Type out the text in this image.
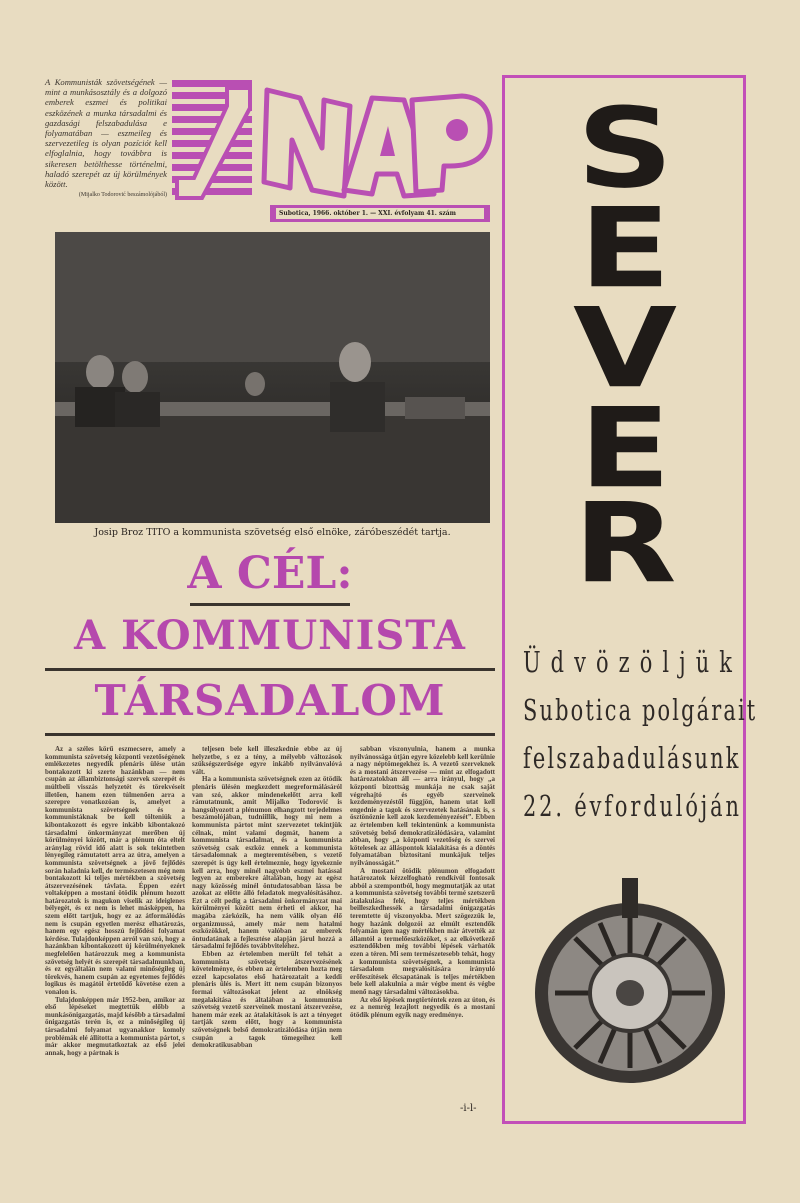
A Kommunisták szövetségének — mint a munkásosztály és a dolgozó emberek eszmei és politikai eszközének a munka társadalmi és gazdasági felszabadulása e folyamatában — eszmeileg és szervezetileg is olyan pozíciót kell elfoglalnia, hogy továbbra is sikeresen betölthesse történelmi, haladó szerepét az új körülmények között.
(Mijalko Todorović beszámolójából)
Subotica, 1966. október 1. — XXI. évfolyam 41. szám
Josip Broz TITO a kommunista szövetség első elnöke, záróbeszédét tartja.
A CÉL:
A KOMMUNISTA
TÁRSADALOM

Az a széles körű eszmecsere, amely a kommunista szövetség központi vezetőségének emlékezetes negyedik plenáris ülése után bontakozott ki szerte hazánkban — nem csupán az állambiztonsági szervek szerepét és múltbeli visszás helyzetét és törekvéseit illetően, hanem ezen túlmenően arra a szerepre vonatkozóan is, amelyet a kommunista szövetségnek és a kommunistáknak be kell tölteniük a kibontakozott és egyre inkább kibontakozó társadalmi önkormányzat merőben új körülményei között, már a plénum óta eltelt aránylag rövid idő alatt is sok tekintetben lényegileg rámutatott arra az útra, amelyen a kommunista szövetségnek a jövő fejlődés során haladnia kell, de természetesen még nem bontakozott ki teljes mértékben a szövetség átszervezésének távlata. Éppen ezért voltaképpen a mostani ötödik plénum hozott határozatok is magukon viselik az ideiglenes bélyegét, és ez nem is lehet másképpen, ha szem előtt tartjuk, hogy ez az átformálódás nem is csupán egyetlen merész elhatározás, hanem egy egész hosszú fejlődési folyamat kérdése. Tulajdonképpen arról van szó, hogy a hazánkban kibontakozott új körülményeknek megfelelően határozzuk meg a kommunista szövetség helyét és szerepét társadalmunkban, és ez egyáltalán nem valami minőségileg új törekvés, hanem csupán az egyetemes fejlődés logikus és magától értetődő követése ezen a vonalon is.

Tulajdonképpen már 1952-ben, amikor az első lépéseket megtettük előbb a munkásönigazgatás, majd később a társadalmi önigazgatás terén is, ez a minőségileg új társadalmi folyamat ugyanakkor komoly problémák elé állította a kommunista pártot, s már akkor megmutatkoztak az első jelei annak, hogy a pártnak is

teljesen bele kell illeszkednie ebbe az új helyzetbe, s ez a tény, a mélyebb változások szükségszerűsége egyre inkább nyilvánvalóvá vált.

Ha a kommunista szövetségnek ezen az ötödik plenáris ülésén megkezdett megreformálásáról van szó, akkor mindenekelőtt arra kell rámutatnunk, amit Mijalko Todorović is hangsúlyozott a plénumon elhangzott terjedelmes beszámolójában, tudniillik, hogy mi nem a kommunista pártot mint szervezetet tekintjük célnak, mint valami dogmát, hanem a kommunista társadalmat, és a kommunista szövetség csak eszköz ennek a kommunista társadalomnak a megteremtésében, s vezető szerepét is úgy kell értelmeznie, hogy igyekeznie kell arra, hogy minél nagyobb eszmei hatással legyen az emberekre általában, hogy az egész nagy közösség minél öntudatosabban lássa be azokat az előtte álló feladatok megvalósításához. Ezt a célt pedig a társadalmi önkormányzat mai körülményei között nem érheti el akkor, ha magába zárkózik, ha nem válik olyan élő organizmussá, amely már nem hatalmi eszközökkel, hanem valóban az emberek öntudatának a fejlesztése alapján járul hozzá a társadalmi fejlődés továbbviteléhez.

Ebben az értelemben merült fel tehát a kommunista szövetség átszervezésének követelménye, és ebben az értelemben hozta meg ezzel kapcsolatos első határozatait a keddi plenáris ülés is. Mert itt nem csupán bizonyos formai változásokat jelent az elnökség megalakítása és általában a kommunista szövetség vezető szerveinek mostani átszervezése, hanem már ezek az átalakítások is azt a tényeget tartják szem előtt, hogy a kommunista szövetségnek belső demokratizálódása útján nem csupán a tagok tömegeihez kell demokratikusabban

sabban viszonyulnia, hanem a munka nyilvánossága útján egyre közelebb kell kerülnie a nagy néptömegekhez is. A vezető szerveknek és a mostani átszervezése — mint az elfogadott határozatokban áll — arra irányul, hogy „a központi bizottság munkája ne csak saját végrehajtó és egyéb szerveinek kezdeményezéstől függjön, hanem utat kell engednie a tagok és szervezetek hatásának is, s ösztönöznie kell azok kezdeményezését”. Ebben az értelemben kell tekintenünk a kommunista szövetség belső demokratizálódására, valamint abban, hogy „a központi vezetőség és szervei kötelesek az álláspontok kialakítása és a döntés folyamatában biztosítani munkájuk teljes nyilvánosságát.”

A mostani ötödik plénumon elfogadott határozatok kézzelfogható rendkívül fontosak abból a szempontból, hogy megmutatják az utat a kommunista szövetség további termé szetszerű átalakulása felé, hogy teljes mértékben beilleszkedhessék a társadalmi önigazgatás teremtette új viszonyokba. Mert szögezzük le, hogy hazánk dolgozói az elmúlt esztendők folyamán igen nagy mértékben már átvették az államtól a termelőeszközöket, s az elkövetkező esztendőkben még további lépések várhatók ezen a téren. Mi sem természetesebb tehát, hogy a kommunista szövetségnek, a kommunista társadalom megvalósítására irányuló erőfeszítések élcsapatának is teljes mértékben bele kell alakulnia a már végbe ment és végbe menő nagy társadalmi változásokba.

Az első lépések megtörténtek ezen az úton, és ez a nemrég lezajlott negyedik és a mostani ötödik plénum egyik nagy eredménye.

-i-l-
S
E
V
E
R
Üdvözöljük
Subotica polgárait
felszabadulásunk
22. évfordulóján
